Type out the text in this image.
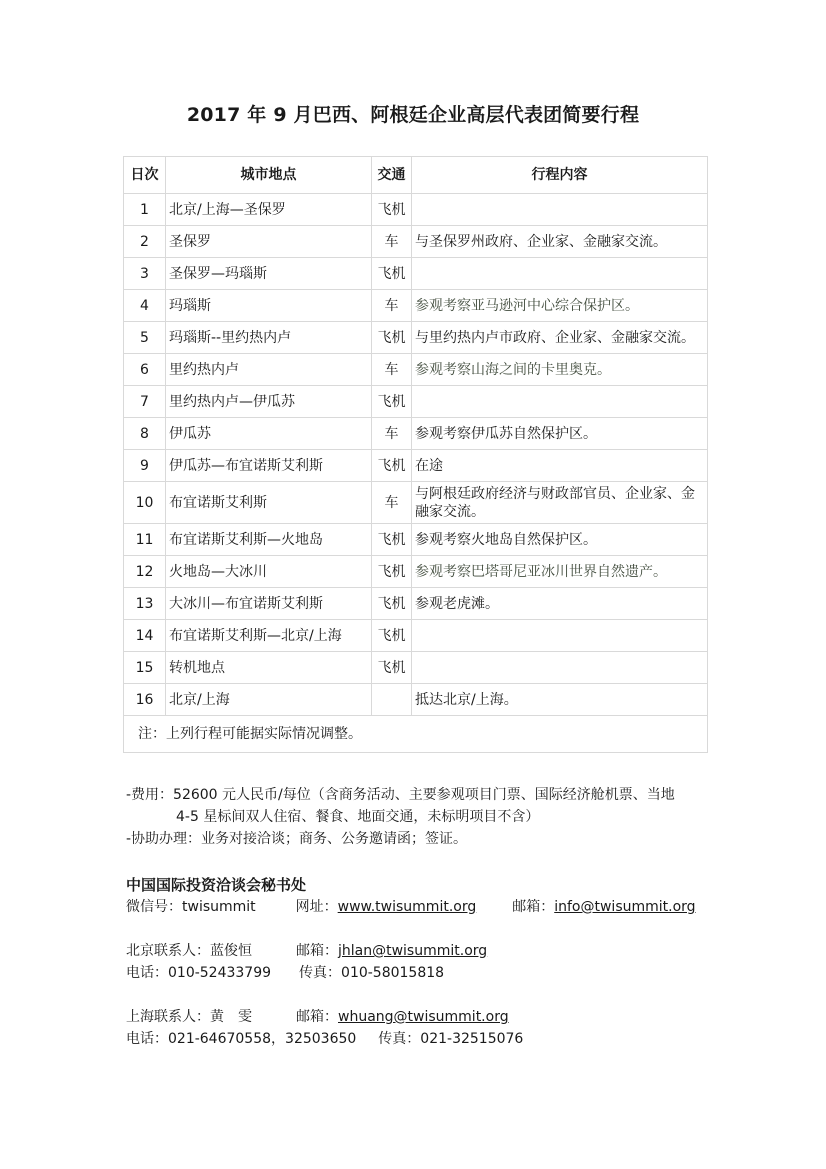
2017 年 9 月巴西、阿根廷企业高层代表团简要行程
日次	城市地点	交通	行程内容
1	北京/上海—圣保罗	飞机	
2	圣保罗	车	与圣保罗州政府、企业家、金融家交流。
3	圣保罗—玛瑙斯	飞机	
4	玛瑙斯	车	参观考察亚马逊河中心综合保护区。
5	玛瑙斯--里约热内卢	飞机	与里约热内卢市政府、企业家、金融家交流。
6	里约热内卢	车	参观考察山海之间的卡里奥克。
7	里约热内卢—伊瓜苏	飞机	
8	伊瓜苏	车	参观考察伊瓜苏自然保护区。
9	伊瓜苏—布宜诺斯艾利斯	飞机	在途
10	布宜诺斯艾利斯	车	与阿根廷政府经济与财政部官员、企业家、金融家交流。
11	布宜诺斯艾利斯—火地岛	飞机	参观考察火地岛自然保护区。
12	火地岛—大冰川	飞机	参观考察巴塔哥尼亚冰川世界自然遗产。
13	大冰川—布宜诺斯艾利斯	飞机	参观老虎滩。
14	布宜诺斯艾利斯—北京/上海	飞机	
15	转机地点	飞机	
16	北京/上海		抵达北京/上海。
注：上列行程可能据实际情况调整。			
-费用：52600 元人民币/每位（含商务活动、主要参观项目门票、国际经济舱机票、当地
4-5 星标间双人住宿、餐食、地面交通，未标明项目不含）
-协助办理：业务对接洽谈；商务、公务邀请函；签证。
中国国际投资洽谈会秘书处
微信号：twisummit	网址：www.twisummit.org	邮箱：info@twisummit.org
北京联系人：蓝俊恒	邮箱：jhlan@twisummit.org
电话：010-52433799 传真：010-58015818
上海联系人：黄　雯	邮箱：whuang@twisummit.org
电话：021-64670558，32503650 传真：021-32515076
